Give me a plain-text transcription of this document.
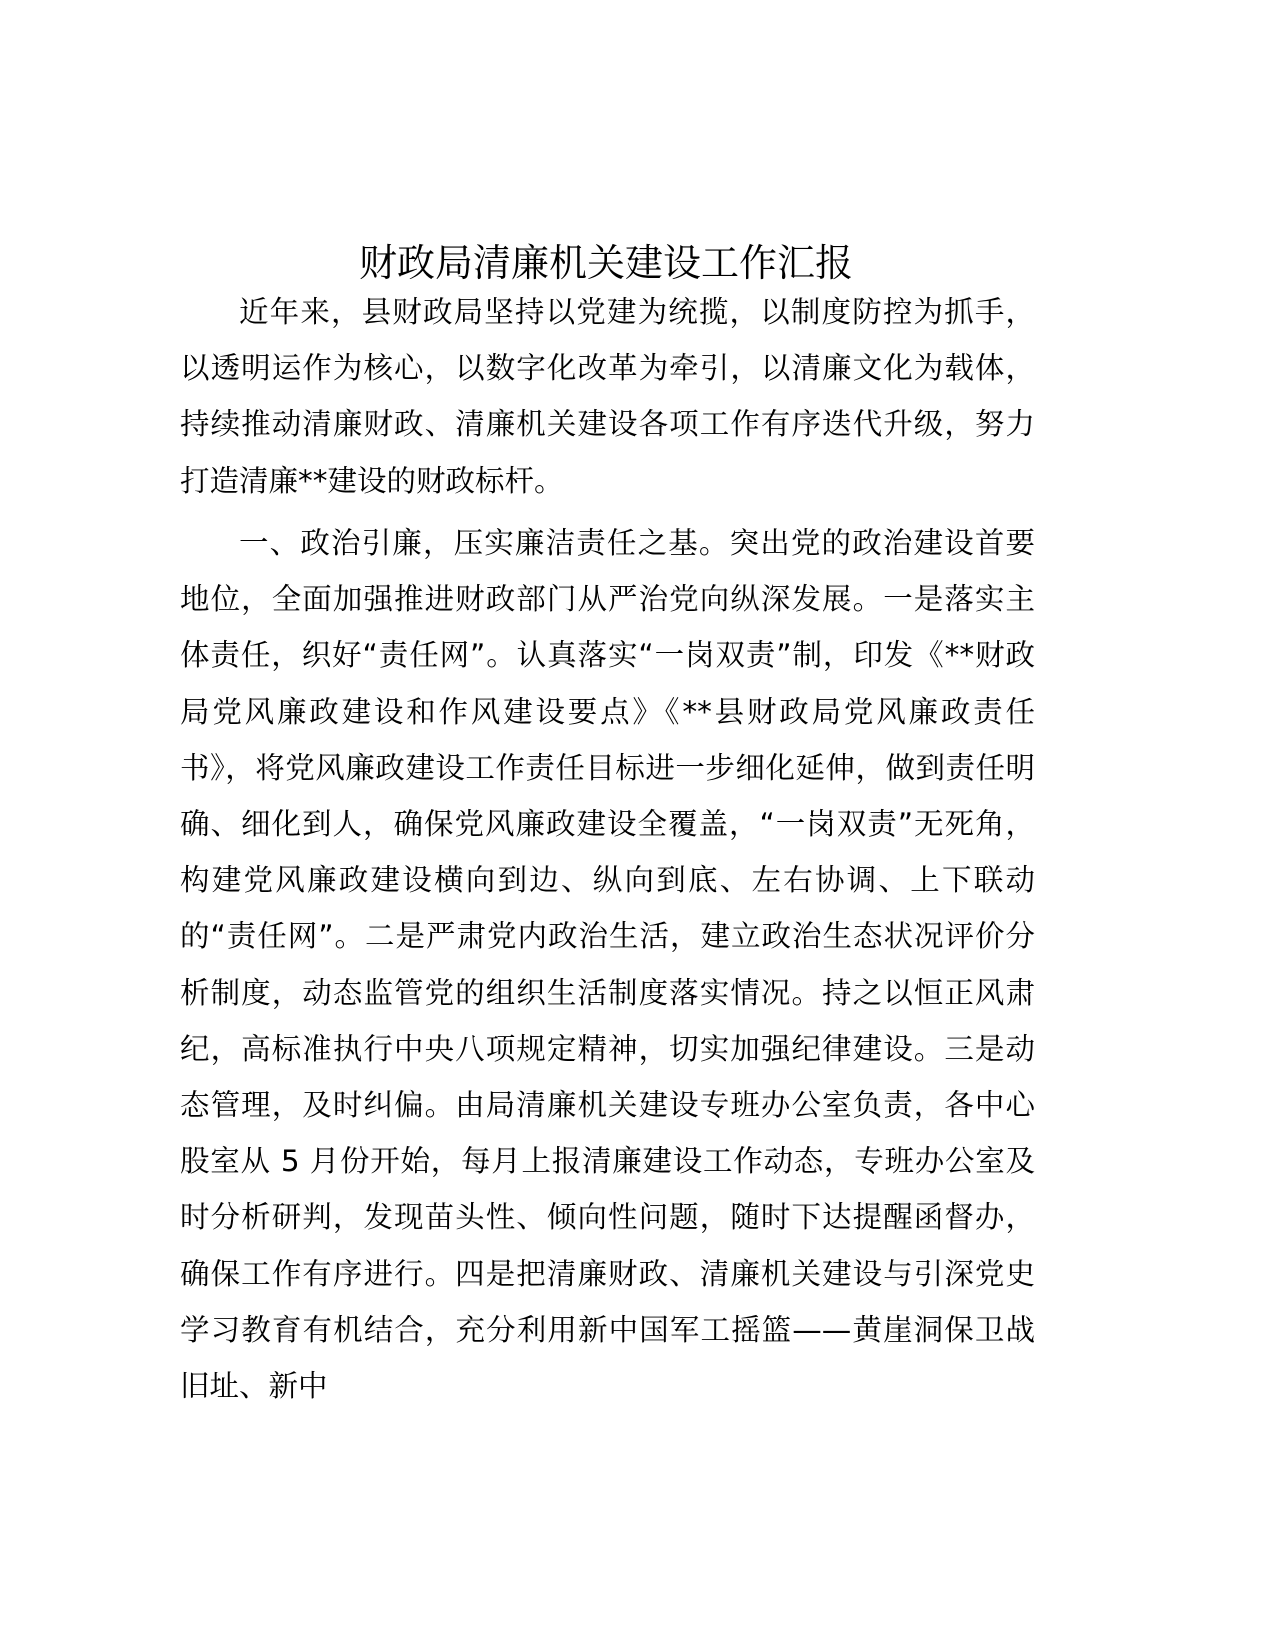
财政局清廉机关建设工作汇报

近年来，县财政局坚持以党建为统揽，以制度防控为抓手，以透明运作为核心，以数字化改革为牵引，以清廉文化为载体，持续推动清廉财政、清廉机关建设各项工作有序迭代升级，努力打造清廉**建设的财政标杆。

一、政治引廉，压实廉洁责任之基。突出党的政治建设首要地位，全面加强推进财政部门从严治党向纵深发展。一是落实主体责任，织好“责任网”。认真落实“一岗双责”制，印发《**财政局党风廉政建设和作风建设要点》《**县财政局党风廉政责任书》，将党风廉政建设工作责任目标进一步细化延伸，做到责任明确、细化到人，确保党风廉政建设全覆盖，“一岗双责”无死角，构建党风廉政建设横向到边、纵向到底、左右协调、上下联动的“责任网”。二是严肃党内政治生活，建立政治生态状况评价分析制度，动态监管党的组织生活制度落实情况。持之以恒正风肃纪，高标准执行中央八项规定精神，切实加强纪律建设。三是动态管理，及时纠偏。由局清廉机关建设专班办公室负责，各中心股室从 5 月份开始，每月上报清廉建设工作动态，专班办公室及时分析研判，发现苗头性、倾向性问题，随时下达提醒函督办，确保工作有序进行。四是把清廉财政、清廉机关建设与引深党史学习教育有机结合，充分利用新中国军工摇篮——黄崖洞保卫战旧址、新中
